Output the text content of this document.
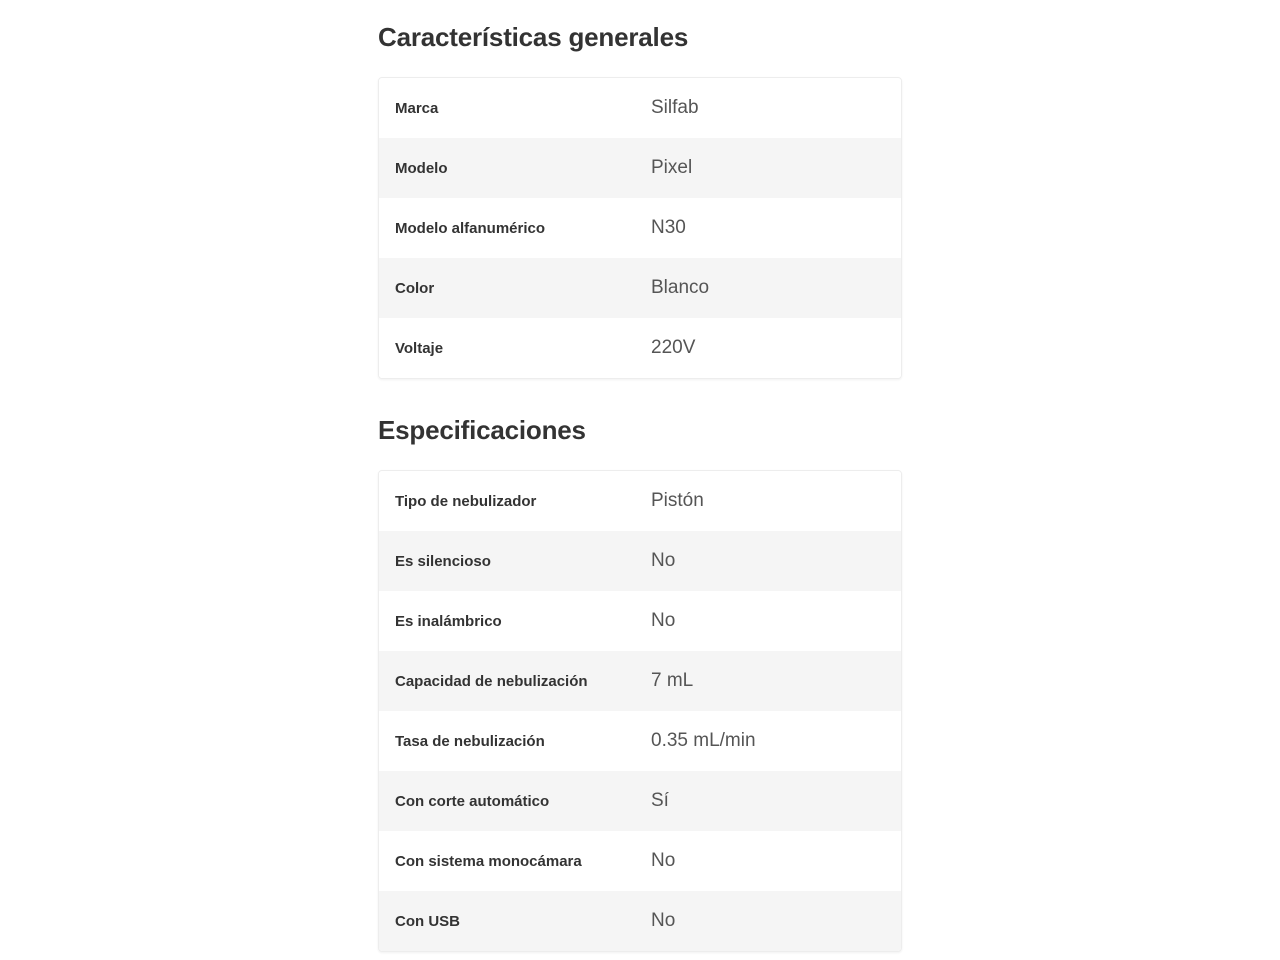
Características generales
Marca	Silfab
Modelo	Pixel
Modelo alfanumérico	N30
Color	Blanco
Voltaje	220V
Especificaciones
Tipo de nebulizador	Pistón
Es silencioso	No
Es inalámbrico	No
Capacidad de nebulización	7 mL
Tasa de nebulización	0.35 mL/min
Con corte automático	Sí
Con sistema monocámara	No
Con USB	No
